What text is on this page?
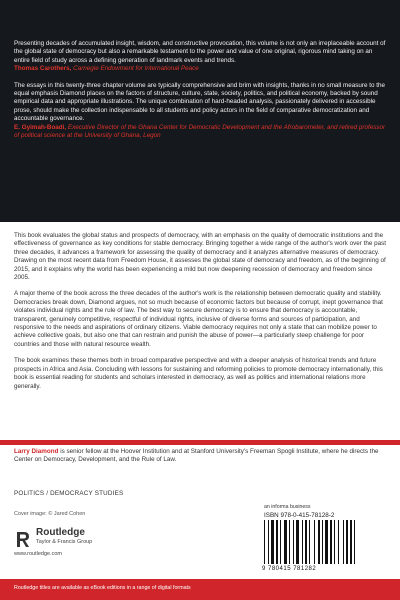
Presenting decades of accumulated insight, wisdom, and constructive provocation, this volume is not only an irreplaceable account of the global state of democracy but also a remarkable testament to the power and value of one original, rigorous mind taking on an entire field of study across a defining generation of landmark events and trends.

Thomas Carothers, Carnegie Endowment for International Peace

The essays in this twenty-three chapter volume are typically comprehensive and brim with insights, thanks in no small measure to the equal emphasis Diamond places on the factors of structure, culture, state, society, politics, and political economy, backed by sound empirical data and appropriate illustrations. The unique combination of hard-headed analysis, passionately delivered in accessible prose, should make the collection indispensable to all students and policy actors in the field of comparative democratization and accountable governance.

E. Gyimah-Boadi, Executive Director of the Ghana Center for Democratic Development and the Afrobarometer, and retired professor of political science at the University of Ghana, Legon

This book evaluates the global status and prospects of democracy, with an emphasis on the quality of democratic institutions and the effectiveness of governance as key conditions for stable democracy. Bringing together a wide range of the author's work over the past three decades, it advances a framework for assessing the quality of democracy and it analyzes alternative measures of democracy. Drawing on the most recent data from Freedom House, it assesses the global state of democracy and freedom, as of the beginning of 2015, and it explains why the world has been experiencing a mild but now deepening recession of democracy and freedom since 2005.

A major theme of the book across the three decades of the author's work is the relationship between democratic quality and stability. Democracies break down, Diamond argues, not so much because of economic factors but because of corrupt, inept governance that violates individual rights and the rule of law. The best way to secure democracy is to ensure that democracy is accountable, transparent, genuinely competitive, respectful of individual rights, inclusive of diverse forms and sources of participation, and responsive to the needs and aspirations of ordinary citizens. Viable democracy requires not only a state that can mobilize power to achieve collective goals, but also one that can restrain and punish the abuse of power—a particularly steep challenge for poor countries and those with natural resource wealth.

The book examines these themes both in broad comparative perspective and with a deeper analysis of historical trends and future prospects in Africa and Asia. Concluding with lessons for sustaining and reforming policies to promote democracy internationally, this book is essential reading for students and scholars interested in democracy, as well as politics and international relations more generally.

Larry Diamond is senior fellow at the Hoover Institution and at Stanford University's Freeman Spogli Institute, where he directs the Center on Democracy, Development, and the Rule of Law.

POLITICS / DEMOCRACY STUDIES
Cover image: © Jared Cohen
Routledge
Taylor & Francis Group
www.routledge.com
an informa business
ISBN 978-0-415-78128-2
9 780415 781282
Routledge titles are available as eBook editions in a range of digital formats
